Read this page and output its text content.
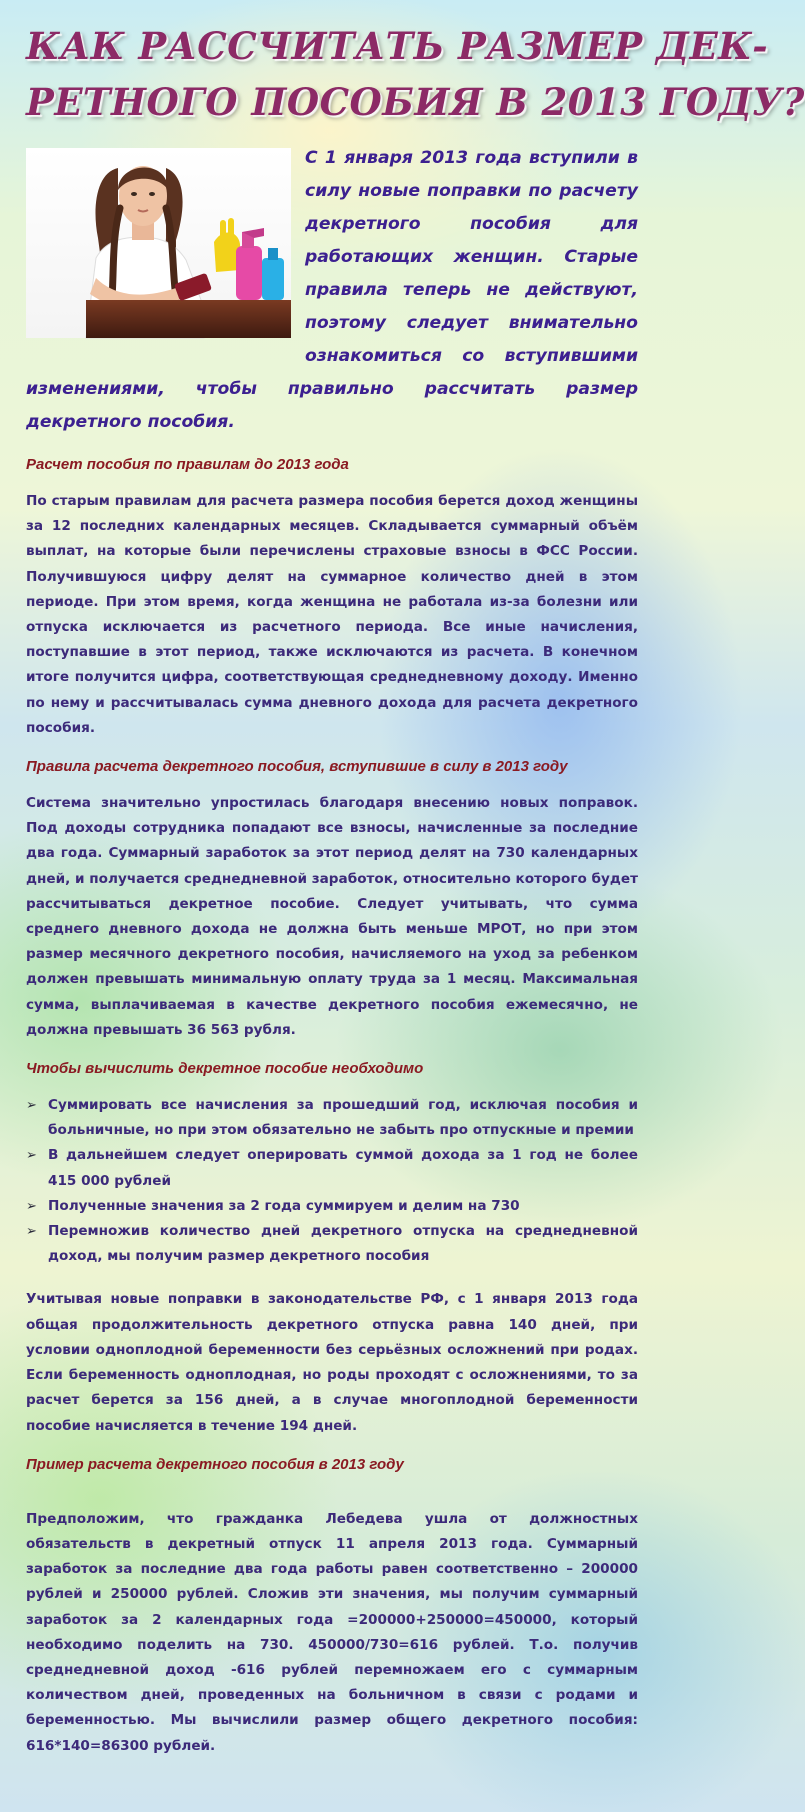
КАК РАССЧИТАТЬ РАЗМЕР ДЕК-
РЕТНОГО ПОСОБИЯ В 2013 ГОДУ?

С 1 января 2013 года вступили в силу новые поправки по расчету декретного пособия для работающих женщин. Старые правила теперь не действуют, поэтому следует внимательно ознакомиться со вступившими изменениями, чтобы правильно рассчитать размер декретного пособия.

Расчет пособия по правилам до 2013 года

По старым правилам для расчета размера пособия берется доход женщины за 12 последних календарных месяцев. Складывается суммарный объём выплат, на которые были перечислены страховые взносы в ФСС России. Получившуюся цифру делят на суммарное количество дней в этом периоде. При этом время, когда женщина не работала из-за болезни или отпуска исключается из расчетного периода. Все иные начисления, поступавшие в этот период, также исключаются из расчета. В конечном итоге получится цифра, соответствующая среднедневному доходу. Именно по нему и рассчитывалась сумма дневного дохода для расчета декретного пособия.

Правила расчета декретного пособия, вступившие в силу в 2013 году

Система значительно упростилась благодаря внесению новых поправок. Под доходы сотрудника попадают все взносы, начисленные за последние два года. Суммарный заработок за этот период делят на 730 календарных дней, и получается среднедневной заработок, относительно которого будет рассчитываться декретное пособие. Следует учитывать, что сумма среднего дневного дохода не должна быть меньше МРОТ, но при этом размер месячного декретного пособия, начисляемого на уход за ребенком должен превышать минимальную оплату труда за 1 месяц. Максимальная сумма, выплачиваемая в качестве декретного пособия ежемесячно, не должна превышать 36 563 рубля.

Чтобы вычислить декретное пособие необходимо
➢ Суммировать все начисления за прошедший год, исключая пособия и больничные, но при этом обязательно не забыть про отпускные и премии
➢ В дальнейшем следует оперировать суммой дохода за 1 год не более 415 000 рублей
➢ Полученные значения за 2 года суммируем и делим на 730
➢ Перемножив количество дней декретного отпуска на среднедневной доход, мы получим размер декретного пособия

Учитывая новые поправки в законодательстве РФ, с 1 января 2013 года общая продолжительность декретного отпуска равна 140 дней, при условии одноплодной беременности без серьёзных осложнений при родах. Если беременность одноплодная, но роды проходят с осложнениями, то за расчет берется за 156 дней, а в случае многоплодной беременности пособие начисляется в течение 194 дней.

Пример расчета декретного пособия в 2013 году

Предположим, что гражданка Лебедева ушла от должностных обязательств в декретный отпуск 11 апреля 2013 года. Суммарный заработок за последние два года работы равен соответственно – 200000 рублей и 250000 рублей. Сложив эти значения, мы получим суммарный заработок за 2 календарных года =200000+250000=450000, который необходимо поделить на 730. 450000/730=616 рублей. Т.о. получив среднедневной доход -616 рублей перемножаем его с суммарным количеством дней, проведенных на больничном в связи с родами и беременностью. Мы вычислили размер общего декретного пособия: 616*140=86300 рублей.
